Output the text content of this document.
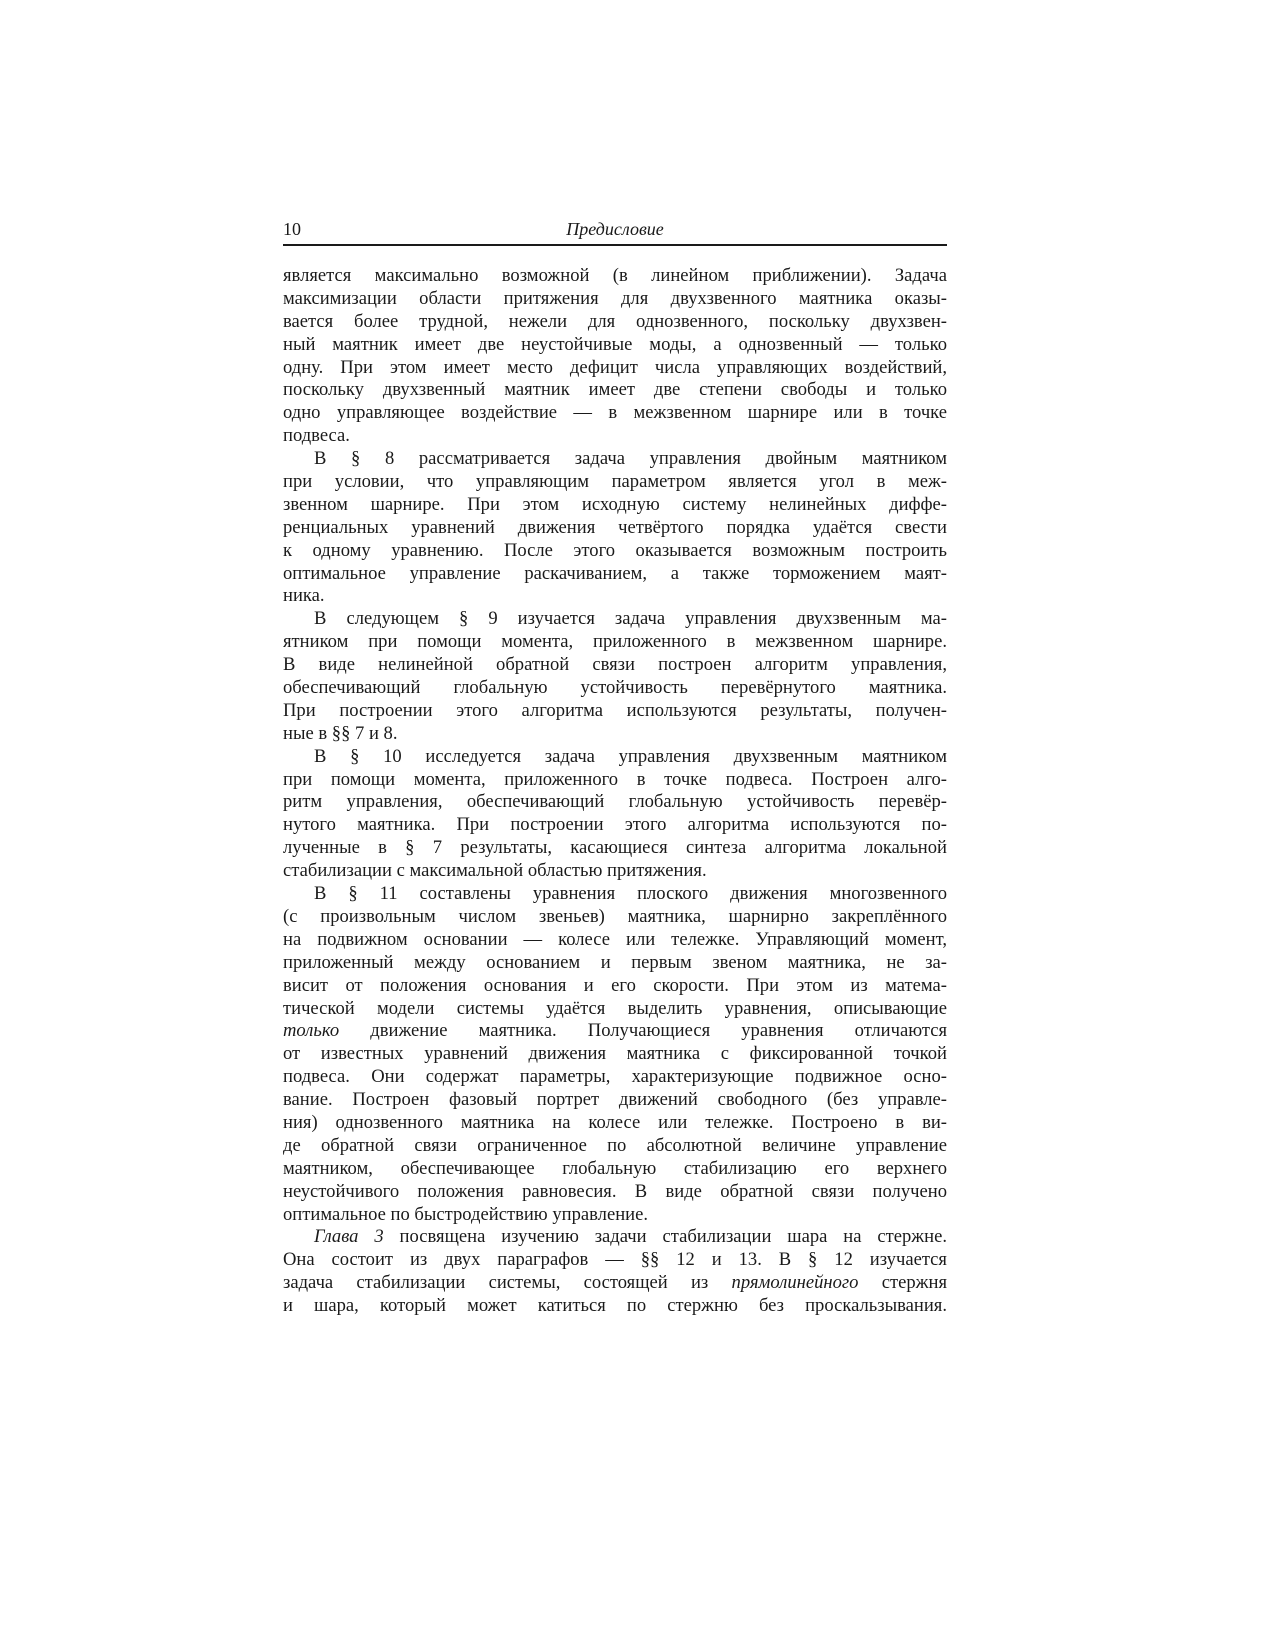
10	Предисловие
является максимально возможной (в линейном приближении). Задача
максимизации области притяжения для двухзвенного маятника оказы-
вается более трудной, нежели для однозвенного, поскольку двухзвен-
ный маятник имеет две неустойчивые моды, а однозвенный — только
одну. При этом имеет место дефицит числа управляющих воздействий,
поскольку двухзвенный маятник имеет две степени свободы и только
одно управляющее воздействие — в межзвенном шарнире или в точке
подвеса.
В § 8 рассматривается задача управления двойным маятником
при условии, что управляющим параметром является угол в меж-
звенном шарнире. При этом исходную систему нелинейных диффе-
ренциальных уравнений движения четвёртого порядка удаётся свести
к одному уравнению. После этого оказывается возможным построить
оптимальное управление раскачиванием, а также торможением маят-
ника.
В следующем § 9 изучается задача управления двухзвенным ма-
ятником при помощи момента, приложенного в межзвенном шарнире.
В виде нелинейной обратной связи построен алгоритм управления,
обеспечивающий глобальную устойчивость перевёрнутого маятника.
При построении этого алгоритма используются результаты, получен-
ные в §§ 7 и 8.
В § 10 исследуется задача управления двухзвенным маятником
при помощи момента, приложенного в точке подвеса. Построен алго-
ритм управления, обеспечивающий глобальную устойчивость перевёр-
нутого маятника. При построении этого алгоритма используются по-
лученные в § 7 результаты, касающиеся синтеза алгоритма локальной
стабилизации с максимальной областью притяжения.
В § 11 составлены уравнения плоского движения многозвенного
(с произвольным числом звеньев) маятника, шарнирно закреплённого
на подвижном основании — колесе или тележке. Управляющий момент,
приложенный между основанием и первым звеном маятника, не за-
висит от положения основания и его скорости. При этом из матема-
тической модели системы удаётся выделить уравнения, описывающие
только движение маятника. Получающиеся уравнения отличаются
от известных уравнений движения маятника с фиксированной точкой
подвеса. Они содержат параметры, характеризующие подвижное осно-
вание. Построен фазовый портрет движений свободного (без управле-
ния) однозвенного маятника на колесе или тележке. Построено в ви-
де обратной связи ограниченное по абсолютной величине управление
маятником, обеспечивающее глобальную стабилизацию его верхнего
неустойчивого положения равновесия. В виде обратной связи получено
оптимальное по быстродействию управление.
Глава 3 посвящена изучению задачи стабилизации шара на стержне.
Она состоит из двух параграфов — §§ 12 и 13. В § 12 изучается
задача стабилизации системы, состоящей из прямолинейного стержня
и шара, который может катиться по стержню без проскальзывания.
